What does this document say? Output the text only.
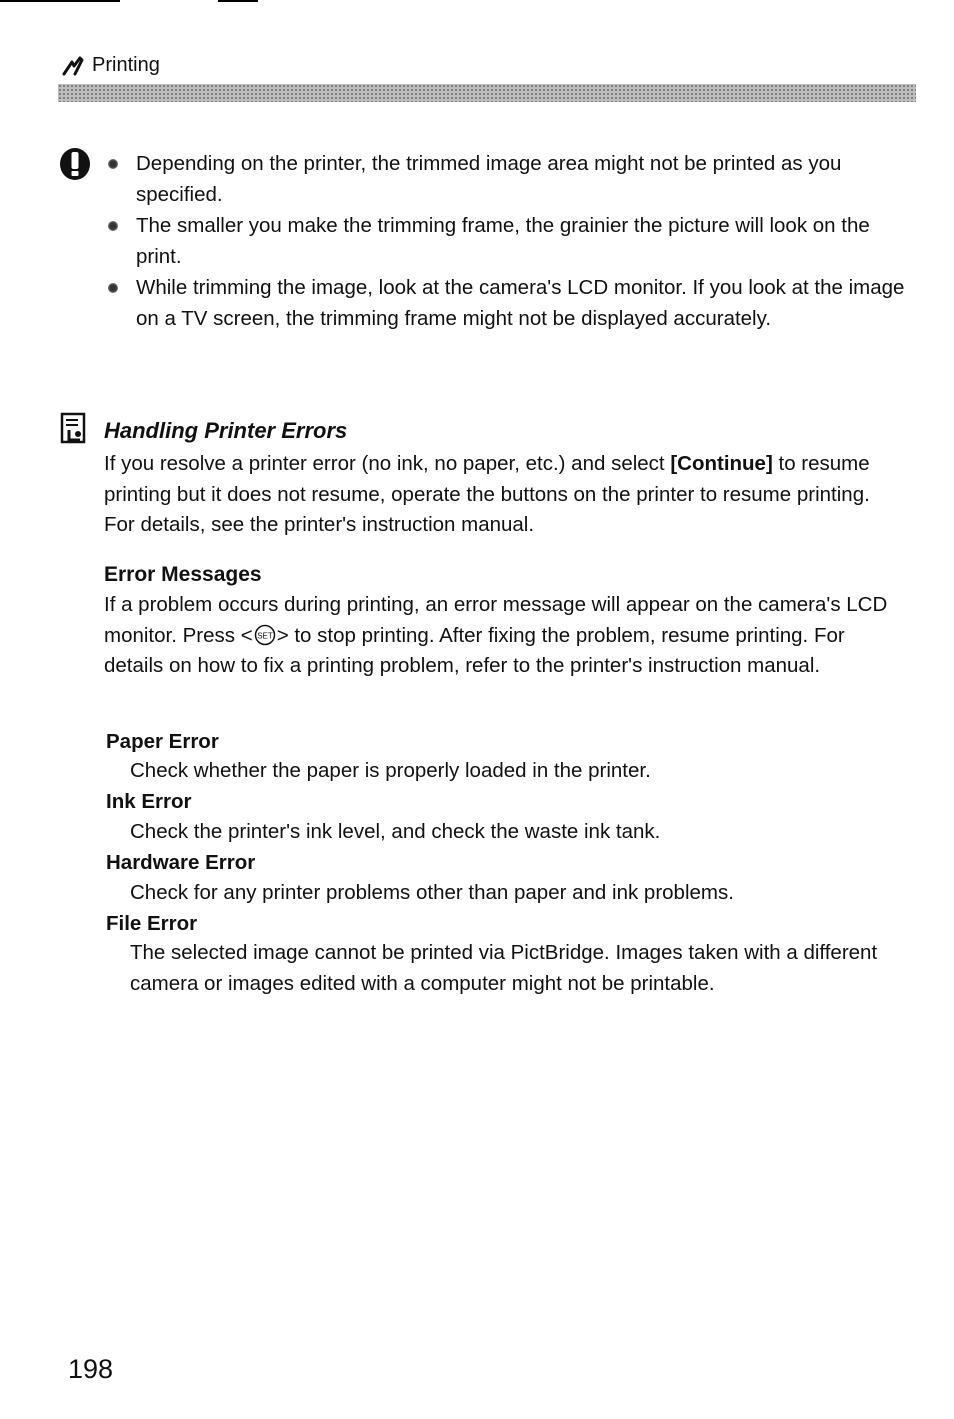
Printing
Depending on the printer, the trimmed image area might not be printed as you specified.
The smaller you make the trimming frame, the grainier the picture will look on the print.
While trimming the image, look at the camera's LCD monitor. If you look at the image on a TV screen, the trimming frame might not be displayed accurately.
Handling Printer Errors
If you resolve a printer error (no ink, no paper, etc.) and select [Continue] to resume printing but it does not resume, operate the buttons on the printer to resume printing. For details, see the printer's instruction manual.
Error Messages
If a problem occurs during printing, an error message will appear on the camera's LCD monitor. Press < SET > to stop printing. After fixing the problem, resume printing. For details on how to fix a printing problem, refer to the printer's instruction manual.
Paper Error
Check whether the paper is properly loaded in the printer.
Ink Error
Check the printer's ink level, and check the waste ink tank.
Hardware Error
Check for any printer problems other than paper and ink problems.
File Error
The selected image cannot be printed via PictBridge. Images taken with a different camera or images edited with a computer might not be printable.
198
